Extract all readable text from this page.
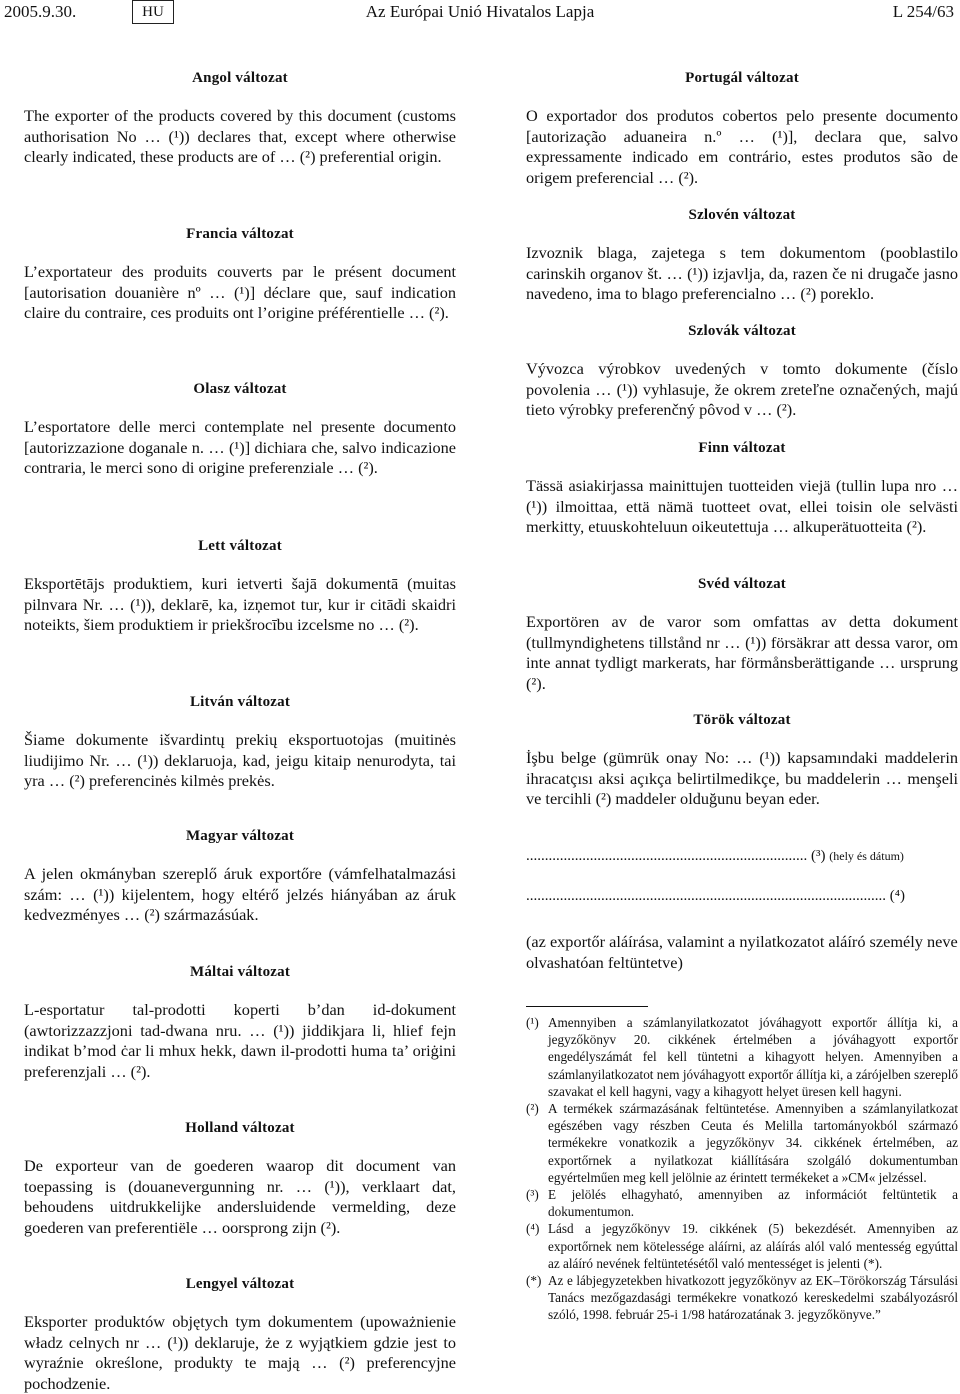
2005.9.30.	HU	Az Európai Unió Hivatalos Lapja	L 254/63
Angol változat

The exporter of the products covered by this document (customs authorisation No … (¹)) declares that, except where otherwise clearly indicated, these products are of … (²) preferential origin.

Francia változat

L’exportateur des produits couverts par le présent document [autorisation douanière nº … (¹)] déclare que, sauf indication claire du contraire, ces produits ont l’origine préférentielle … (²).

Olasz változat

L’esportatore delle merci contemplate nel presente documento [autorizzazione doganale n. … (¹)] dichiara che, salvo indicazione contraria, le merci sono di origine preferenziale … (²).

Lett változat

Eksportētājs produktiem, kuri ietverti šajā dokumentā (muitas pilnvara Nr. … (¹)), deklarē, ka, izņemot tur, kur ir citādi skaidri noteikts, šiem produktiem ir priekšrocību izcelsme no … (²).

Litván változat

Šiame dokumente išvardintų prekių eksportuotojas (muitinės liudijimo Nr. … (¹)) deklaruoja, kad, jeigu kitaip nenurodyta, tai yra … (²) preferencinės kilmės prekės.

Magyar változat

A jelen okmányban szereplő áruk exportőre (vámfelhatalmazási szám: … (¹)) kijelentem, hogy eltérő jelzés hiányában az áruk kedvezményes … (²) származásúak.

Máltai változat

L-esportatur tal-prodotti koperti b’dan id-dokument (awtorizzazzjoni tad-dwana nru. … (¹)) jiddikjara li, hlief fejn indikat b’mod ċar li mhux hekk, dawn il-prodotti huma ta’ oriġini preferenzjali … (²).

Holland változat

De exporteur van de goederen waarop dit document van toepassing is (douanevergunning nr. … (¹)), verklaart dat, behoudens uitdrukkelijke andersluidende vermelding, deze goederen van preferentiële … oorsprong zijn (²).

Lengyel változat

Eksporter produktów objętych tym dokumentem (upoważnienie władz celnych nr … (¹)) deklaruje, że z wyjątkiem gdzie jest to wyraźnie określone, produkty te mają … (²) preferencyjne pochodzenie.

Portugál változat

O exportador dos produtos cobertos pelo presente documento [autorização aduaneira n.º … (¹)], declara que, salvo expressamente indicado em contrário, estes produtos são de origem preferencial … (²).

Szlovén változat

Izvoznik blaga, zajetega s tem dokumentom (pooblastilo carinskih organov št. … (¹)) izjavlja, da, razen če ni drugače jasno navedeno, ima to blago preferencialno … (²) poreklo.

Szlovák változat

Vývozca výrobkov uvedených v tomto dokumente (číslo povolenia … (¹)) vyhlasuje, že okrem zreteľne označených, majú tieto výrobky preferenčný pôvod v … (²).

Finn változat

Tässä asiakirjassa mainittujen tuotteiden viejä (tullin lupa nro … (¹)) ilmoittaa, että nämä tuotteet ovat, ellei toisin ole selvästi merkitty, etuuskohteluun oikeutettuja … alkuperätuotteita (²).

Svéd változat

Exportören av de varor som omfattas av detta dokument (tullmyndighetens tillstånd nr … (¹)) försäkrar att dessa varor, om inte annat tydligt markerats, har förmånsberättigande … ursprung (²).

Török változat

İşbu belge (gümrük onay No: … (¹)) kapsamındaki maddelerin ihracatçısı aksi açıkça belirtilmedikçe, bu maddelerin … menşeli ve tercihli (²) maddeler olduğunu beyan eder.

........................................................................... (³) (hely és dátum)
................................................................................................ (⁴)
(az exportőr aláírása, valamint a nyilatkozatot aláíró személy neve olvashatóan feltüntetve)
(¹) Amennyiben a számlanyilatkozatot jóváhagyott exportőr állítja ki, a jegyzőkönyv 20. cikkének értelmében a jóváhagyott exportőr engedélyszámát fel kell tüntetni a kihagyott helyen. Amennyiben a számlanyilatkozatot nem jóváhagyott exportőr állítja ki, a zárójelben szereplő szavakat el kell hagyni, vagy a kihagyott helyet üresen kell hagyni.
(²) A termékek származásának feltüntetése. Amennyiben a számlanyilatkozat egészében vagy részben Ceuta és Melilla tartományokból származó termékekre vonatkozik a jegyzőkönyv 34. cikkének értelmében, az exportőrnek a nyilatkozat kiállítására szolgáló dokumentumban egyértelműen meg kell jelölnie az érintett termékeket a »CM« jelzéssel.
(³) E jelölés elhagyható, amennyiben az információt feltüntetik a dokumentumon.
(⁴) Lásd a jegyzőkönyv 19. cikkének (5) bekezdését. Amennyiben az exportőrnek nem kötelessége aláírni, az aláírás alól való mentesség egyúttal az aláíró nevének feltüntetésétől való mentességet is jelenti (*).
(*) Az e lábjegyzetekben hivatkozott jegyzőkönyv az EK–Törökország Társulási Tanács mezőgazdasági termékekre vonatkozó kereskedelmi szabályozásról szóló, 1998. február 25-i 1/98 határozatának 3. jegyzőkönyve.”
